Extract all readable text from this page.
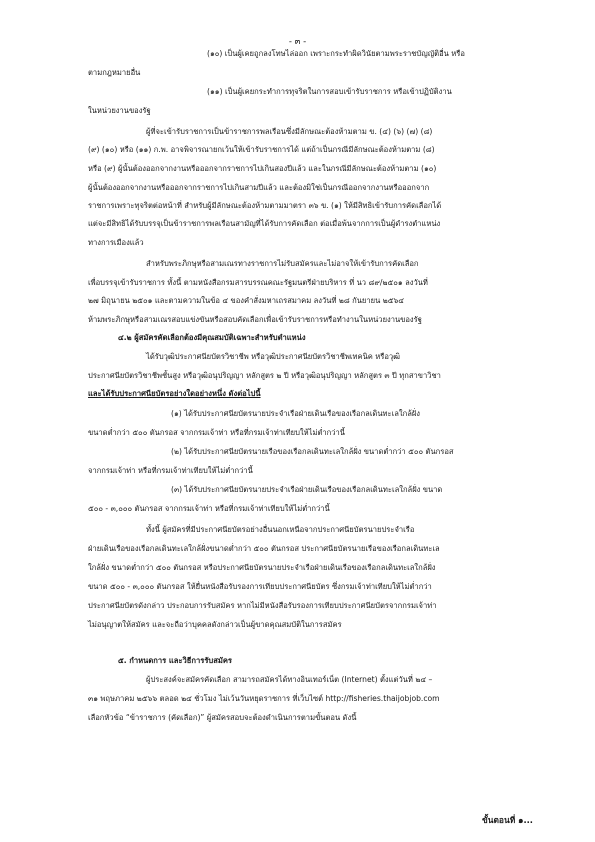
- ๓ -
(๑๐) เป็นผู้เคยถูกลงโทษไล่ออก เพราะกระทำผิดวินัยตามพระราชบัญญัติอื่น หรือ
ตามกฎหมายอื่น
(๑๑) เป็นผู้เคยกระทำการทุจริตในการสอบเข้ารับราชการ หรือเข้าปฏิบัติงาน
ในหน่วยงานของรัฐ
ผู้ที่จะเข้ารับราชการเป็นข้าราชการพลเรือนซึ่งมีลักษณะต้องห้ามตาม ข. (๔) (๖) (๗) (๘)
(๙) (๑๐) หรือ (๑๑) ก.พ. อาจพิจารณายกเว้นให้เข้ารับราชการได้ แต่ถ้าเป็นกรณีมีลักษณะต้องห้ามตาม (๘)
หรือ (๙) ผู้นั้นต้องออกจากงานหรือออกจากราชการไปเกินสองปีแล้ว และในกรณีมีลักษณะต้องห้ามตาม (๑๐)
ผู้นั้นต้องออกจากงานหรือออกจากราชการไปเกินสามปีแล้ว และต้องมิใช่เป็นกรณีออกจากงานหรือออกจาก
ราชการเพราะทุจริตต่อหน้าที่ สำหรับผู้มีลักษณะต้องห้ามตามมาตรา ๓๖ ข. (๑) ให้มีสิทธิเข้ารับการคัดเลือกได้
แต่จะมีสิทธิได้รับบรรจุเป็นข้าราชการพลเรือนสามัญที่ได้รับการคัดเลือก ต่อเมื่อพ้นจากการเป็นผู้ดำรงตำแหน่ง
ทางการเมืองแล้ว
สำหรับพระภิกษุหรือสามเณรทางราชการไม่รับสมัครและไม่อาจให้เข้ารับการคัดเลือก
เพื่อบรรจุเข้ารับราชการ ทั้งนี้ ตามหนังสือกรมสารบรรณคณะรัฐมนตรีฝ่ายบริหาร ที่ นว ๘๙/๒๕๐๑ ลงวันที่
๒๗ มิถุนายน ๒๕๐๑ และตามความในข้อ ๔ ของคำสั่งมหาเถรสมาคม ลงวันที่ ๒๘ กันยายน ๒๕๖๔
ห้ามพระภิกษุหรือสามเณรสอบแข่งขันหรือสอบคัดเลือกเพื่อเข้ารับราชการหรือทำงานในหน่วยงานของรัฐ
๔.๒ ผู้สมัครคัดเลือกต้องมีคุณสมบัติเฉพาะสำหรับตำแหน่ง
ได้รับวุฒิประกาศนียบัตรวิชาชีพ หรือวุฒิประกาศนียบัตรวิชาชีพเทคนิค หรือวุฒิ
ประกาศนียบัตรวิชาชีพชั้นสูง หรือวุฒิอนุปริญญา หลักสูตร ๒ ปี หรือวุฒิอนุปริญญา หลักสูตร ๓ ปี ทุกสาขาวิชา
และได้รับประกาศนียบัตรอย่างใดอย่างหนึ่ง ดังต่อไปนี้
(๑) ได้รับประกาศนียบัตรนายประจำเรือฝ่ายเดินเรือของเรือกลเดินทะเลใกล้ฝั่ง
ขนาดต่ำกว่า ๕๐๐ ตันกรอส จากกรมเจ้าท่า หรือที่กรมเจ้าท่าเทียบให้ไม่ต่ำกว่านี้
(๒) ได้รับประกาศนียบัตรนายเรือของเรือกลเดินทะเลใกล้ฝั่ง ขนาดต่ำกว่า ๕๐๐ ตันกรอส
จากกรมเจ้าท่า หรือที่กรมเจ้าท่าเทียบให้ไม่ต่ำกว่านี้
(๓) ได้รับประกาศนียบัตรนายประจำเรือฝ่ายเดินเรือของเรือกลเดินทะเลใกล้ฝั่ง ขนาด
๕๐๐ - ๓,๐๐๐ ตันกรอส จากกรมเจ้าท่า หรือที่กรมเจ้าท่าเทียบให้ไม่ต่ำกว่านี้
ทั้งนี้ ผู้สมัครที่มีประกาศนียบัตรอย่างอื่นนอกเหนือจากประกาศนียบัตรนายประจำเรือ
ฝ่ายเดินเรือของเรือกลเดินทะเลใกล้ฝั่งขนาดต่ำกว่า ๕๐๐ ตันกรอส ประกาศนียบัตรนายเรือของเรือกลเดินทะเล
ใกล้ฝั่ง ขนาดต่ำกว่า ๕๐๐ ตันกรอส หรือประกาศนียบัตรนายประจำเรือฝ่ายเดินเรือของเรือกลเดินทะเลใกล้ฝั่ง
ขนาด ๕๐๐ - ๓,๐๐๐ ตันกรอส ให้ยื่นหนังสือรับรองการเทียบประกาศนียบัตร ซึ่งกรมเจ้าท่าเทียบให้ไม่ต่ำกว่า
ประกาศนียบัตรดังกล่าว ประกอบการรับสมัคร หากไม่มีหนังสือรับรองการเทียบประกาศนียบัตรจากกรมเจ้าท่า
ไม่อนุญาตให้สมัคร และจะถือว่าบุคคลดังกล่าวเป็นผู้ขาดคุณสมบัติในการสมัคร
๕. กำหนดการ และวิธีการรับสมัคร
ผู้ประสงค์จะสมัครคัดเลือก สามารถสมัครได้ทางอินเทอร์เน็ต (Internet) ตั้งแต่วันที่ ๒๔ –
๓๑ พฤษภาคม ๒๕๖๖ ตลอด ๒๔ ชั่วโมง ไม่เว้นวันหยุดราชการ ที่เว็บไซต์ http://fisheries.thaijobjob.com
เลือกหัวข้อ “ข้าราชการ (คัดเลือก)” ผู้สมัครสอบจะต้องดำเนินการตามขั้นตอน ดังนี้
ขั้นตอนที่ ๑...
